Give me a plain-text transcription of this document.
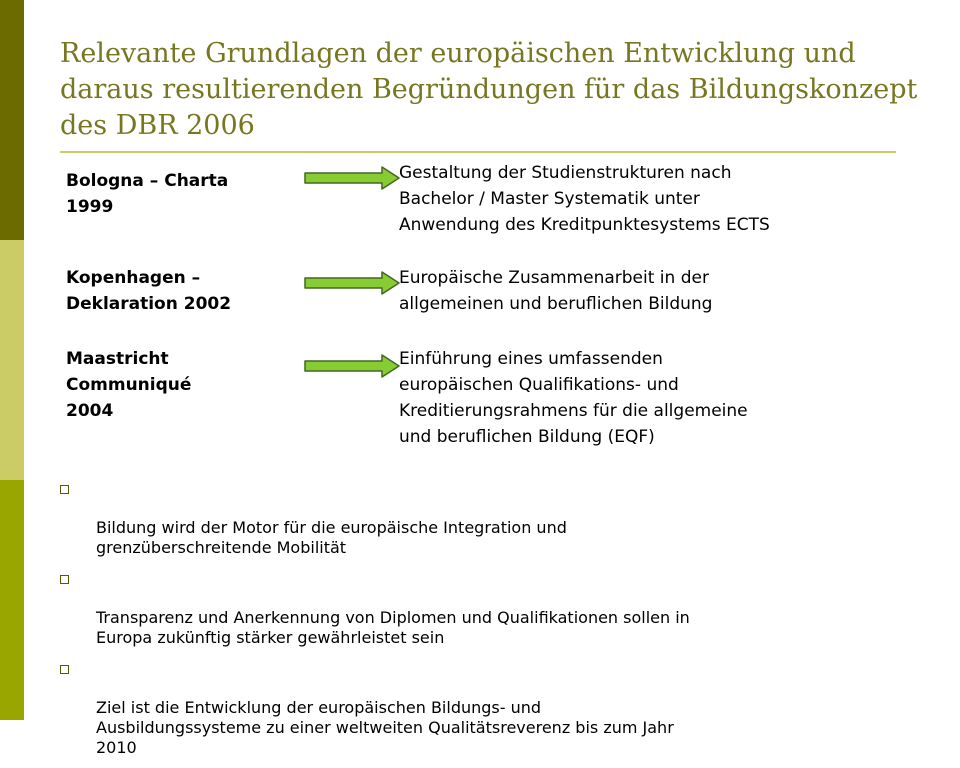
Relevante Grundlagen der europäischen Entwicklung und daraus resultierenden Begründungen für das Bildungskonzept des DBR 2006
Bologna – Charta
1999
Gestaltung der Studienstrukturen nach
Bachelor / Master Systematik unter
Anwendung des Kreditpunktesystems ECTS
Kopenhagen –
Deklaration 2002
Europäische Zusammenarbeit in der
allgemeinen und beruflichen Bildung
Maastricht
Communiqué
2004
Einführung eines umfassenden
europäischen Qualifikations- und
Kreditierungsrahmens für die allgemeine
und beruflichen Bildung (EQF)

Bildung wird der Motor für die europäische Integration und
grenzüberschreitende Mobilität

Transparenz und Anerkennung von Diplomen und Qualifikationen sollen in
Europa zukünftig stärker gewährleistet sein

Ziel ist die Entwicklung der europäischen Bildungs- und
Ausbildungssysteme zu einer weltweiten Qualitätsreverenz bis zum Jahr
2010
